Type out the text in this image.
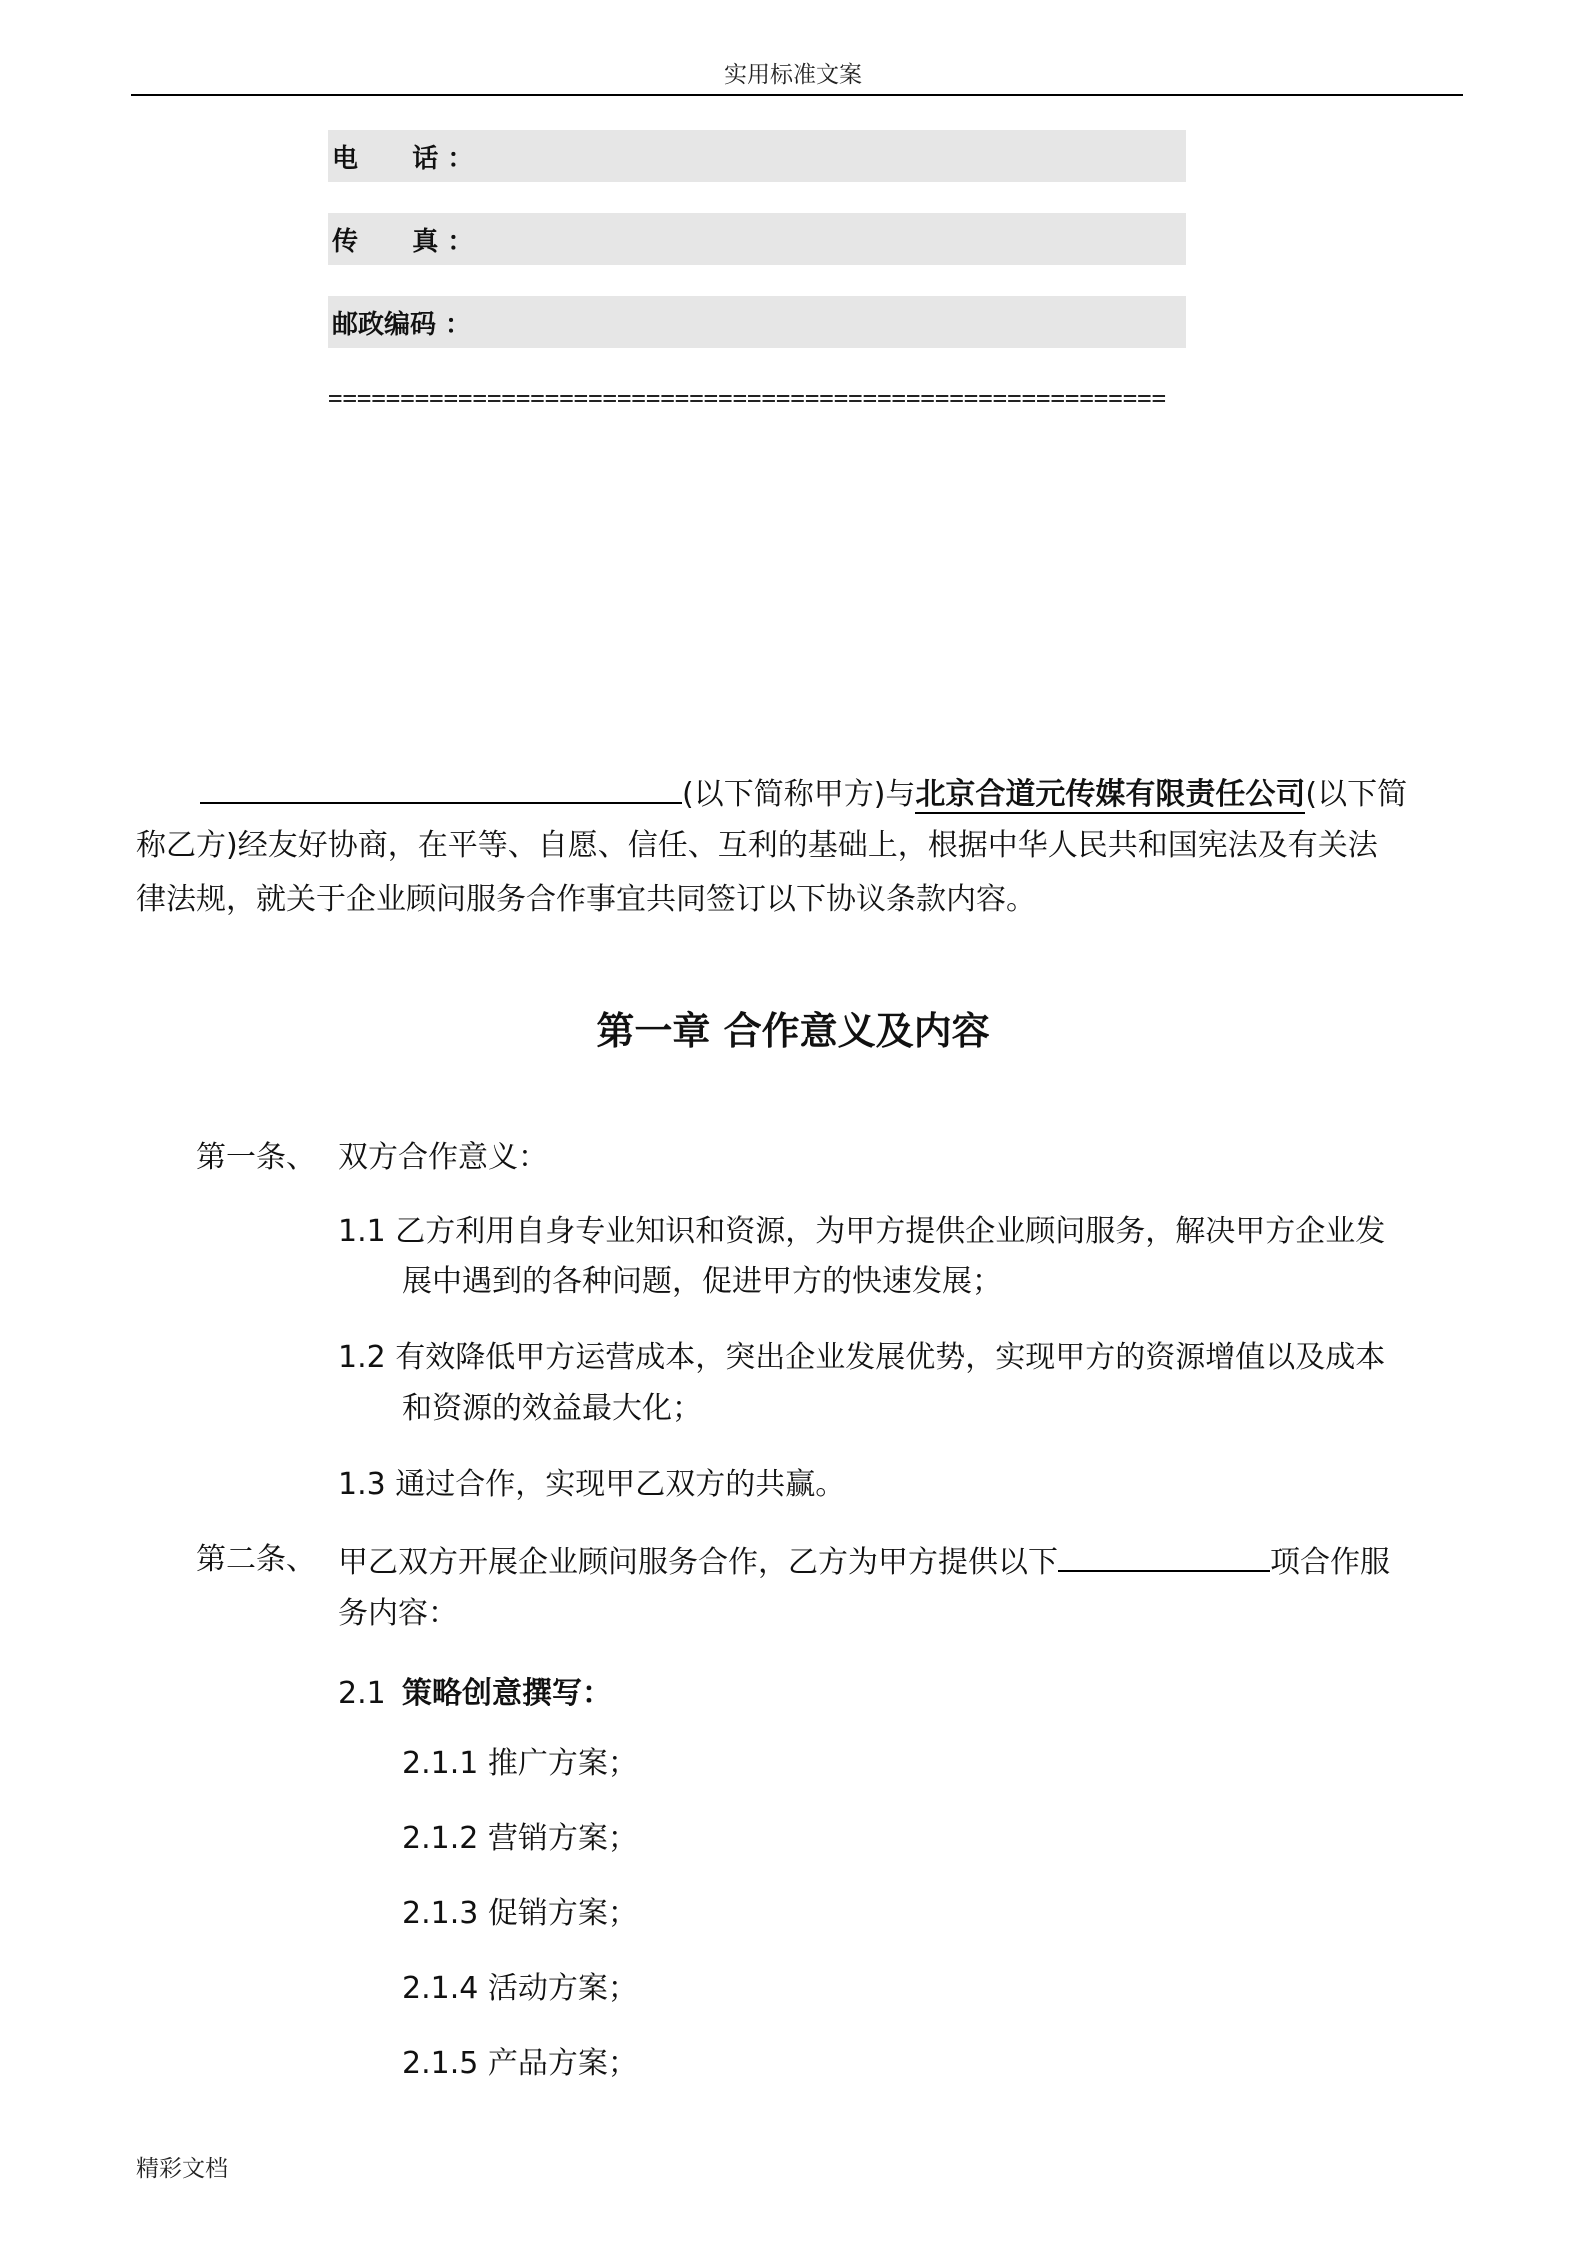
实用标准文案
电      话 ：
传      真 ：
邮政编码 ：
==========================================================
(以下简称甲方)与北京合道元传媒有限责任公司(以下简
称乙方)经友好协商，在平等、自愿、信任、互利的基础上，根据中华人民共和国宪法及有关法
律法规，就关于企业顾问服务合作事宜共同签订以下协议条款内容。
第一章 合作意义及内容
第一条、 双方合作意义：
1.1 乙方利用自身专业知识和资源，为甲方提供企业顾问服务，解决甲方企业发
展中遇到的各种问题，促进甲方的快速发展；
1.2 有效降低甲方运营成本，突出企业发展优势，实现甲方的资源增值以及成本
和资源的效益最大化；
1.3 通过合作，实现甲乙双方的共赢。
第二条、 甲乙双方开展企业顾问服务合作，乙方为甲方提供以下	项合作服
务内容：
2.1 策略创意撰写：
2.1.1 推广方案；
2.1.2 营销方案；
2.1.3 促销方案；
2.1.4 活动方案；
2.1.5 产品方案；
精彩文档
